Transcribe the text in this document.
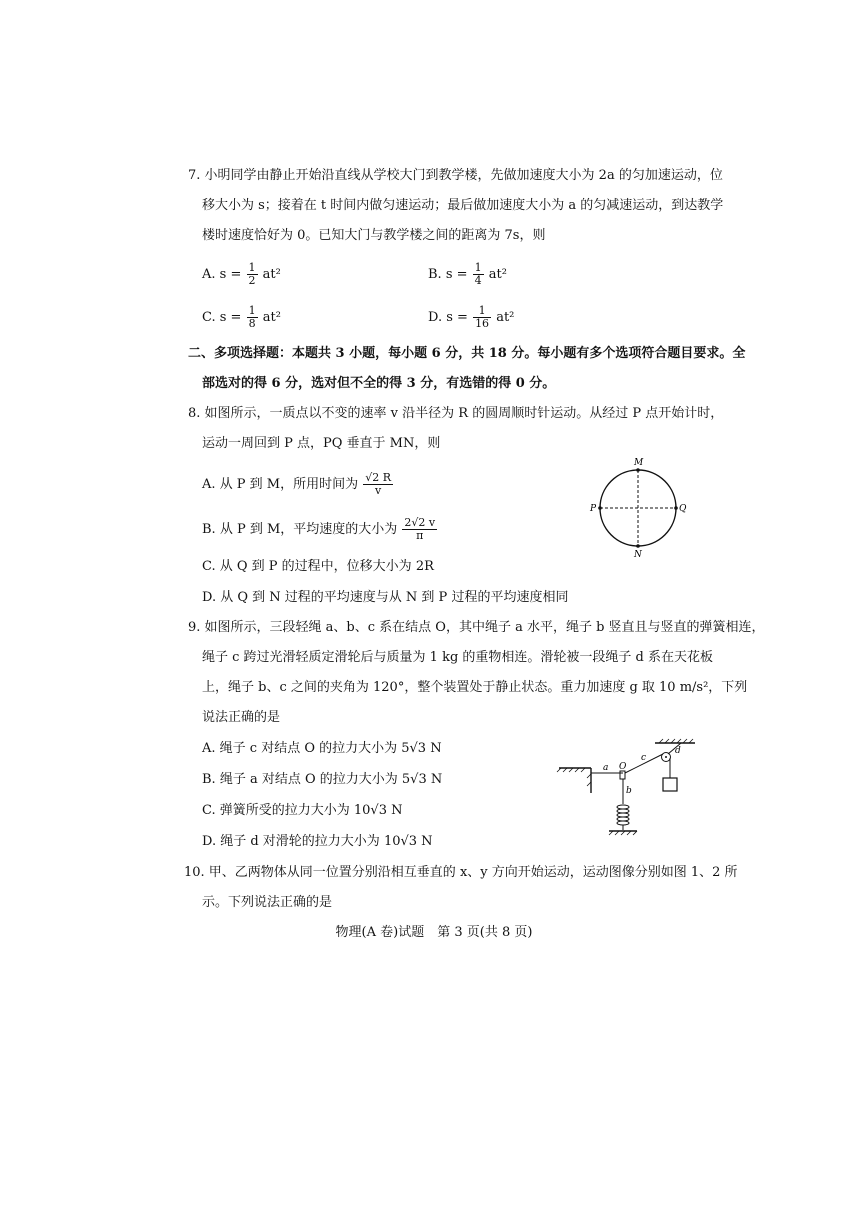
7. 小明同学由静止开始沿直线从学校大门到教学楼，先做加速度大小为 2a 的匀加速运动，位
移大小为 s；接着在 t 时间内做匀速运动；最后做加速度大小为 a 的匀减速运动，到达教学
楼时速度恰好为 0。已知大门与教学楼之间的距离为 7s，则
A. $s = \frac{1}{2} at^2$	B. $s = \frac{1}{4} at^2$
C. $s = \frac{1}{8} at^2$	D. $s = \frac{1}{16} at^2$
二、多项选择题：本题共 3 小题，每小题 6 分，共 18 分。每小题有多个选项符合题目要求。全
部选对的得 6 分，选对但不全的得 3 分，有选错的得 0 分。
8. 如图所示，一质点以不变的速率 v 沿半径为 R 的圆周顺时针运动。从经过 P 点开始计时，
运动一周回到 P 点，PQ 垂直于 MN，则
A. 从 P 到 M，所用时间为 $\frac{√2 R}{v}$
B. 从 P 到 M，平均速度的大小为 $\frac{2√2 v}{\pi}$
C. 从 Q 到 P 的过程中，位移大小为 2R
D. 从 Q 到 N 过程的平均速度与从 N 到 P 过程的平均速度相同
M
N
P	Q
9. 如图所示，三段轻绳 a、b、c 系在结点 O，其中绳子 a 水平，绳子 b 竖直且与竖直的弹簧相连，
绳子 c 跨过光滑轻质定滑轮后与质量为 1 kg 的重物相连。滑轮被一段绳子 d 系在天花板
上，绳子 b、c 之间的夹角为 120°，整个装置处于静止状态。重力加速度 g 取 10 m/s²，下列
说法正确的是
A. 绳子 c 对结点 O 的拉力大小为 5√3 N
B. 绳子 a 对结点 O 的拉力大小为 5√3 N
C. 弹簧所受的拉力大小为 10√3 N
D. 绳子 d 对滑轮的拉力大小为 10√3 N
a O
b
c
d
10. 甲、乙两物体从同一位置分别沿相互垂直的 x、y 方向开始运动，运动图像分别如图 1、2 所
示。下列说法正确的是
物理(A 卷)试题　第 3 页(共 8 页)
